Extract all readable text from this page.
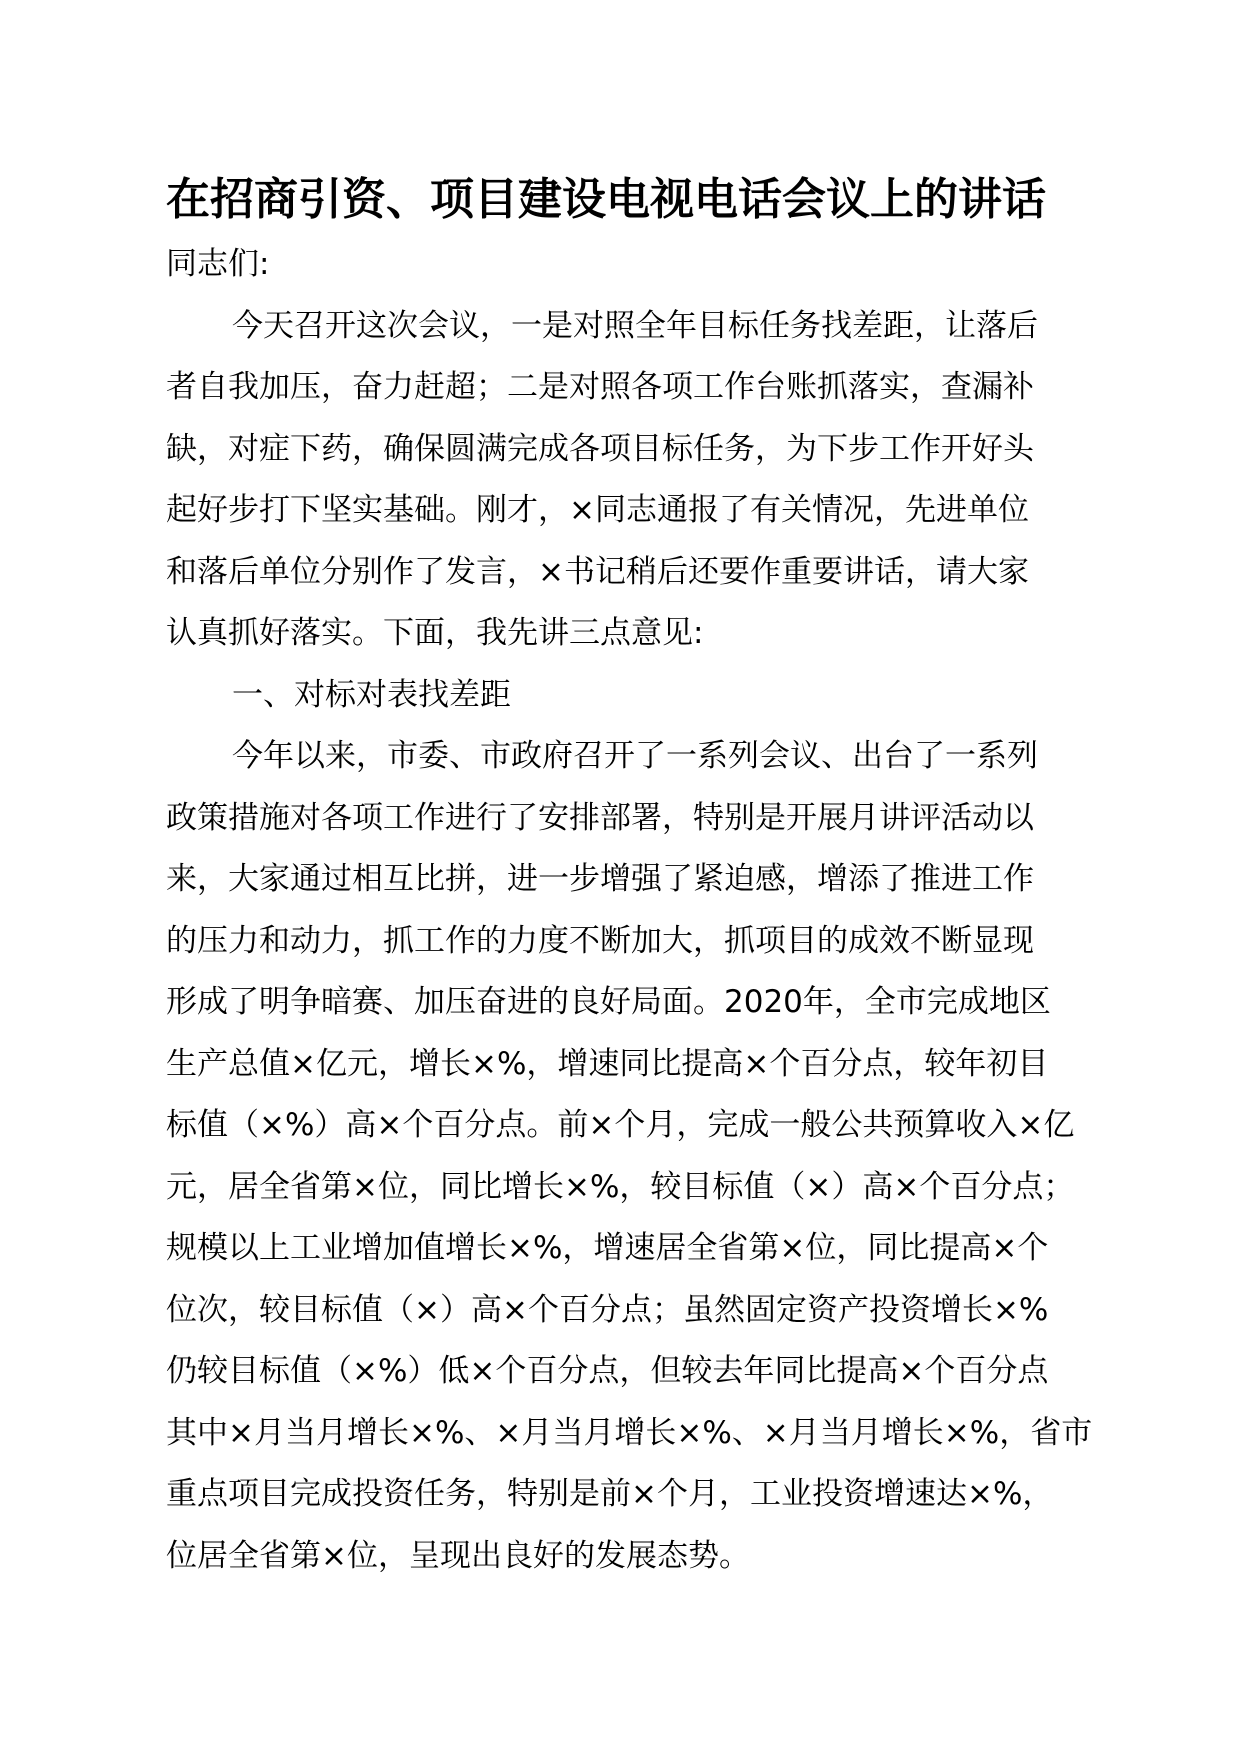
在招商引资、项目建设电视电话会议上的讲话
同志们:
今天召开这次会议，一是对照全年目标任务找差距，让落后
者自我加压，奋力赶超；二是对照各项工作台账抓落实，查漏补
缺，对症下药，确保圆满完成各项目标任务，为下步工作开好头
起好步打下坚实基础。刚才，×同志通报了有关情况，先进单位
和落后单位分别作了发言，×书记稍后还要作重要讲话，请大家
认真抓好落实。下面，我先讲三点意见:
一、对标对表找差距
今年以来，市委、市政府召开了一系列会议、出台了一系列
政策措施对各项工作进行了安排部署，特别是开展月讲评活动以
来，大家通过相互比拼，进一步增强了紧迫感，增添了推进工作
的压力和动力，抓工作的力度不断加大，抓项目的成效不断显现
形成了明争暗赛、加压奋进的良好局面。2020年，全市完成地区
生产总值×亿元，增长×%，增速同比提高×个百分点，较年初目
标值（×%）高×个百分点。前×个月，完成一般公共预算收入×亿
元，居全省第×位，同比增长×%，较目标值（×）高×个百分点；
规模以上工业增加值增长×%，增速居全省第×位，同比提高×个
位次，较目标值（×）高×个百分点；虽然固定资产投资增长×%
仍较目标值（×%）低×个百分点，但较去年同比提高×个百分点
其中×月当月增长×%、×月当月增长×%、×月当月增长×%，省市
重点项目完成投资任务，特别是前×个月，工业投资增速达×%，
位居全省第×位，呈现出良好的发展态势。
